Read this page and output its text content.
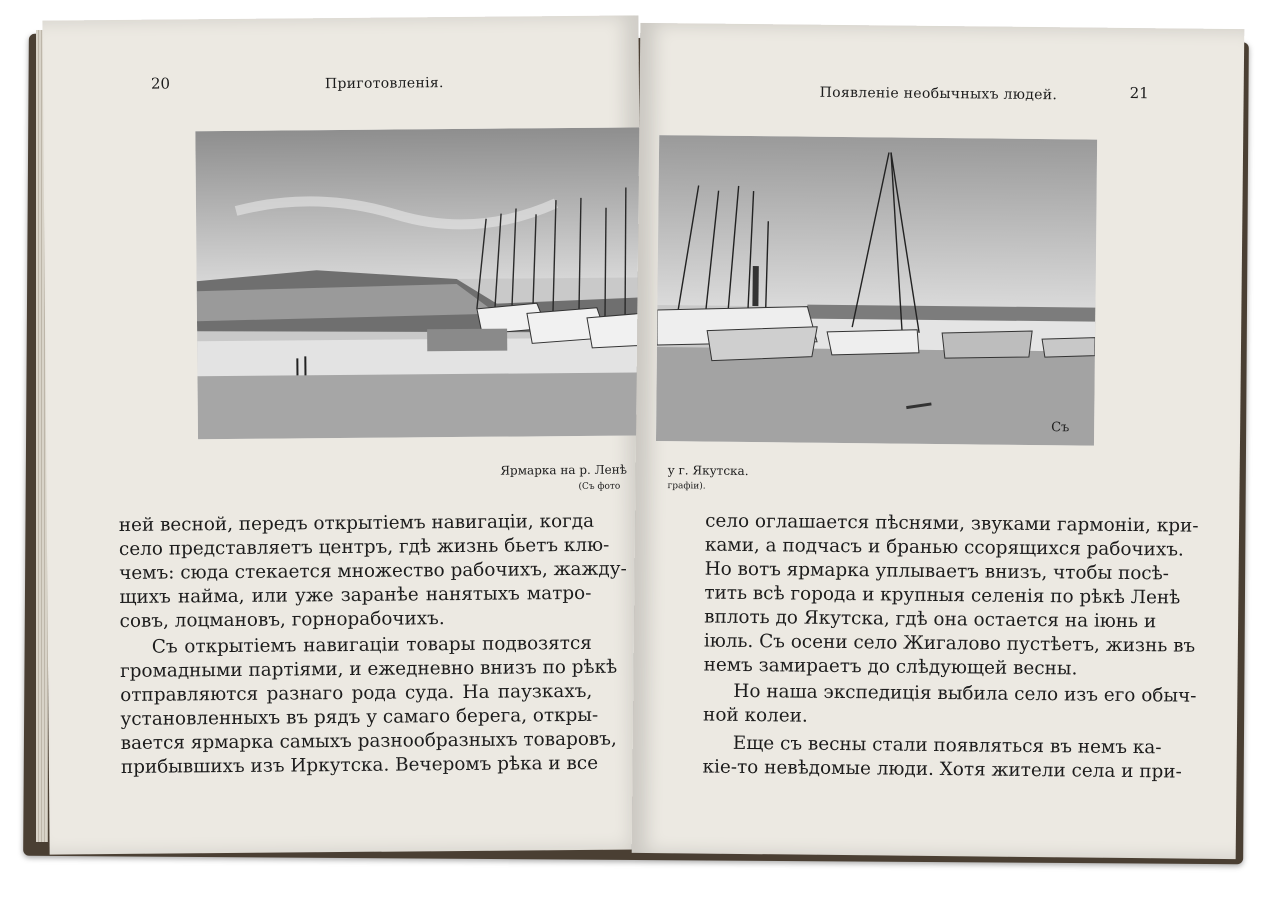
20	Приготовленія.
Ярмарка на р. Ленѣ
(Съ фото
ней весной, передъ открытіемъ навигаціи, когда
село представляетъ центръ, гдѣ жизнь бьетъ клю-
чемъ: сюда стекается множество рабочихъ, жажду-
щихъ найма, или уже заранѣе нанятыхъ матро-
совъ, лоцмановъ, горнорабочихъ.
Съ открытіемъ навигаціи товары подвозятся
громадными партіями, и ежедневно внизъ по рѣкѣ
отправляются разнаго рода суда. На паузкахъ,
установленныхъ въ рядъ у самаго берега, откры-
вается ярмарка самыхъ разнообразныхъ товаровъ,
прибывшихъ изъ Иркутска. Вечеромъ рѣка и все
Появленіе необычныхъ людей.	21
Съ
у г. Якутска.
графіи).
село оглашается пѣснями, звуками гармоніи, кри-
ками, а подчасъ и бранью ссорящихся рабочихъ.
Но вотъ ярмарка уплываетъ внизъ, чтобы посѣ-
тить всѣ города и крупныя селенія по рѣкѣ Ленѣ
вплоть до Якутска, гдѣ она остается на іюнь и
іюль. Съ осени село Жигалово пустѣетъ, жизнь въ
немъ замираетъ до слѣдующей весны.
Но наша экспедиція выбила село изъ его обыч-
ной колеи.
Еще съ весны стали появляться въ немъ ка-
кіе-то невѣдомые люди. Хотя жители села и при-
